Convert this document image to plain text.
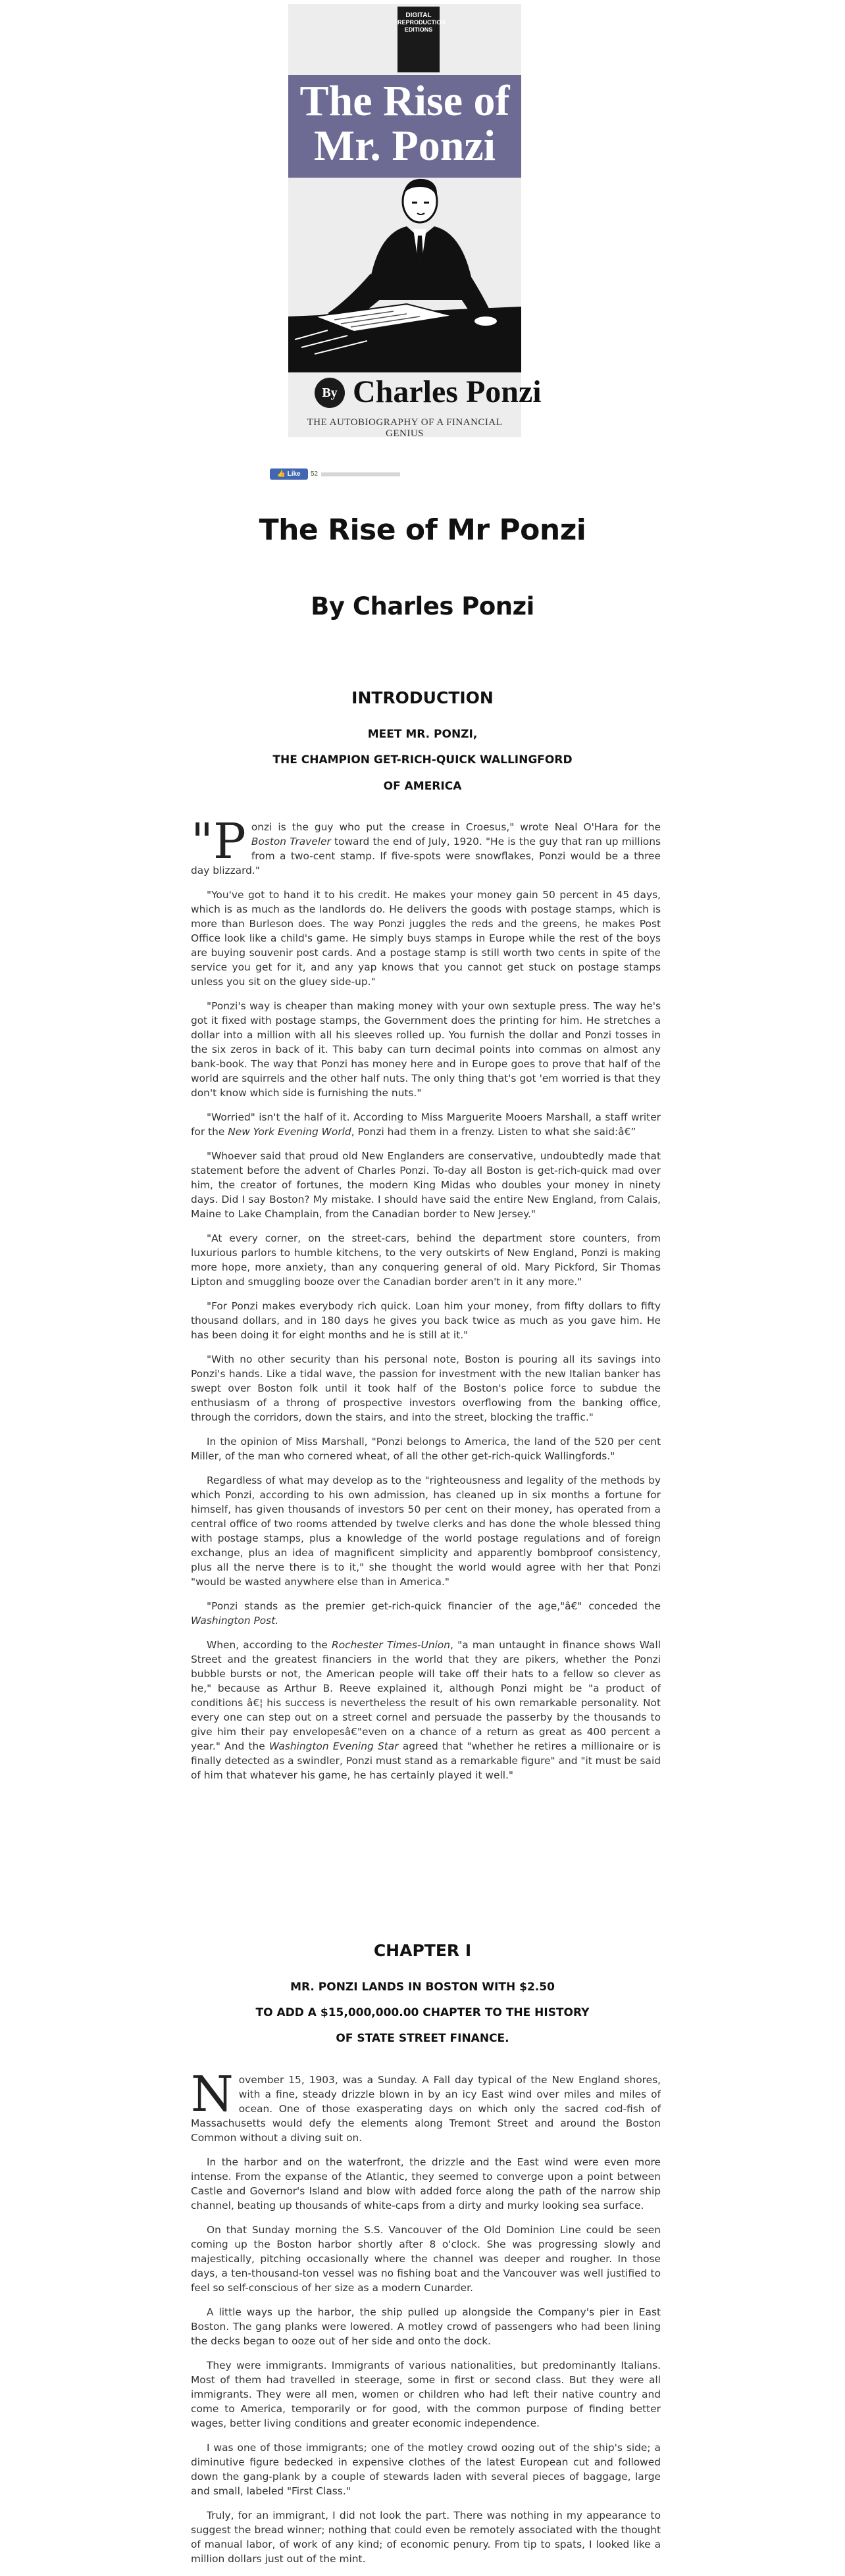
DIGITAL
REPRODUCTION
EDITIONS
The Rise of
Mr. Ponzi
By Charles Ponzi
THE AUTOBIOGRAPHY OF A FINANCIAL GENIUS
👍 Like	52
The Rise of Mr Ponzi
By Charles Ponzi
INTRODUCTION
MEET MR. PONZI,
THE CHAMPION GET-RICH-QUICK WALLINGFORD
OF AMERICA

"P onzi is the guy who put the crease in Croesus," wrote Neal O'Hara for the Boston Traveler toward the end of July, 1920. "He is the guy that ran up millions from a two-cent stamp. If five-spots were snowflakes, Ponzi would be a three day blizzard."

"You've got to hand it to his credit. He makes your money gain 50 percent in 45 days, which is as much as the landlords do. He delivers the goods with postage stamps, which is more than Burleson does. The way Ponzi juggles the reds and the greens, he makes Post Office look like a child's game. He simply buys stamps in Europe while the rest of the boys are buying souvenir post cards. And a postage stamp is still worth two cents in spite of the service you get for it, and any yap knows that you cannot get stuck on postage stamps unless you sit on the gluey side-up."

"Ponzi's way is cheaper than making money with your own sextuple press. The way he's got it fixed with postage stamps, the Government does the printing for him. He stretches a dollar into a million with all his sleeves rolled up. You furnish the dollar and Ponzi tosses in the six zeros in back of it. This baby can turn decimal points into commas on almost any bank-book. The way that Ponzi has money here and in Europe goes to prove that half of the world are squirrels and the other half nuts. The only thing that's got 'em worried is that they don't know which side is furnishing the nuts."

"Worried" isn't the half of it. According to Miss Marguerite Mooers Marshall, a staff writer for the New York Evening World, Ponzi had them in a frenzy. Listen to what she said:â€”

"Whoever said that proud old New Englanders are conservative, undoubtedly made that statement before the advent of Charles Ponzi. To-day all Boston is get-rich-quick mad over him, the creator of fortunes, the modern King Midas who doubles your money in ninety days. Did I say Boston? My mistake. I should have said the entire New England, from Calais, Maine to Lake Champlain, from the Canadian border to New Jersey."

"At every corner, on the street-cars, behind the department store counters, from luxurious parlors to humble kitchens, to the very outskirts of New England, Ponzi is making more hope, more anxiety, than any conquering general of old. Mary Pickford, Sir Thomas Lipton and smuggling booze over the Canadian border aren't in it any more."

"For Ponzi makes everybody rich quick. Loan him your money, from fifty dollars to fifty thousand dollars, and in 180 days he gives you back twice as much as you gave him. He has been doing it for eight months and he is still at it."

"With no other security than his personal note, Boston is pouring all its savings into Ponzi's hands. Like a tidal wave, the passion for investment with the new Italian banker has swept over Boston folk until it took half of the Boston's police force to subdue the enthusiasm of a throng of prospective investors overflowing from the banking office, through the corridors, down the stairs, and into the street, blocking the traffic."

In the opinion of Miss Marshall, "Ponzi belongs to America, the land of the 520 per cent Miller, of the man who cornered wheat, of all the other get-rich-quick Wallingfords."

Regardless of what may develop as to the "righteousness and legality of the methods by which Ponzi, according to his own admission, has cleaned up in six months a fortune for himself, has given thousands of investors 50 per cent on their money, has operated from a central office of two rooms attended by twelve clerks and has done the whole blessed thing with postage stamps, plus a knowledge of the world postage regulations and of foreign exchange, plus an idea of magnificent simplicity and apparently bombproof consistency, plus all the nerve there is to it," she thought the world would agree with her that Ponzi "would be wasted anywhere else than in America."

"Ponzi stands as the premier get-rich-quick financier of the age,"â€" conceded the Washington Post.

When, according to the Rochester Times-Union, "a man untaught in finance shows Wall Street and the greatest financiers in the world that they are pikers, whether the Ponzi bubble bursts or not, the American people will take off their hats to a fellow so clever as he," because as Arthur B. Reeve explained it, although Ponzi might be "a product of conditions â€¦ his success is nevertheless the result of his own remarkable personality. Not every one can step out on a street cornel and persuade the passerby by the thousands to give him their pay envelopesâ€"even on a chance of a return as great as 400 percent a year." And the Washington Evening Star agreed that "whether he retires a millionaire or is finally detected as a swindler, Ponzi must stand as a remarkable figure" and "it must be said of him that whatever his game, he has certainly played it well."

CHAPTER I
MR. PONZI LANDS IN BOSTON WITH $2.50
TO ADD A $15,000,000.00 CHAPTER TO THE HISTORY
OF STATE STREET FINANCE.

November 15, 1903, was a Sunday. A Fall day typical of the New England shores, with a fine, steady drizzle blown in by an icy East wind over miles and miles of ocean. One of those exasperating days on which only the sacred cod-fish of Massachusetts would defy the elements along Tremont Street and around the Boston Common without a diving suit on.

In the harbor and on the waterfront, the drizzle and the East wind were even more intense. From the expanse of the Atlantic, they seemed to converge upon a point between Castle and Governor's Island and blow with added force along the path of the narrow ship channel, beating up thousands of white-caps from a dirty and murky looking sea surface.

On that Sunday morning the S.S. Vancouver of the Old Dominion Line could be seen coming up the Boston harbor shortly after 8 o'clock. She was progressing slowly and majestically, pitching occasionally where the channel was deeper and rougher. In those days, a ten-thousand-ton vessel was no fishing boat and the Vancouver was well justified to feel so self-conscious of her size as a modern Cunarder.

A little ways up the harbor, the ship pulled up alongside the Company's pier in East Boston. The gang planks were lowered. A motley crowd of passengers who had been lining the decks began to ooze out of her side and onto the dock.

They were immigrants. Immigrants of various nationalities, but predominantly Italians. Most of them had travelled in steerage, some in first or second class. But they were all immigrants. They were all men, women or children who had left their native country and come to America, temporarily or for good, with the common purpose of finding better wages, better living conditions and greater economic independence.

I was one of those immigrants; one of the motley crowd oozing out of the ship's side; a diminutive figure bedecked in expensive clothes of the latest European cut and followed down the gang-plank by a couple of stewards laden with several pieces of baggage, large and small, labeled "First Class."

Truly, for an immigrant, I did not look the part. There was nothing in my appearance to suggest the bread winner; nothing that could even be remotely associated with the thought of manual labor, of work of any kind; of economic penury. From tip to spats, I looked like a million dollars just out of the mint.
